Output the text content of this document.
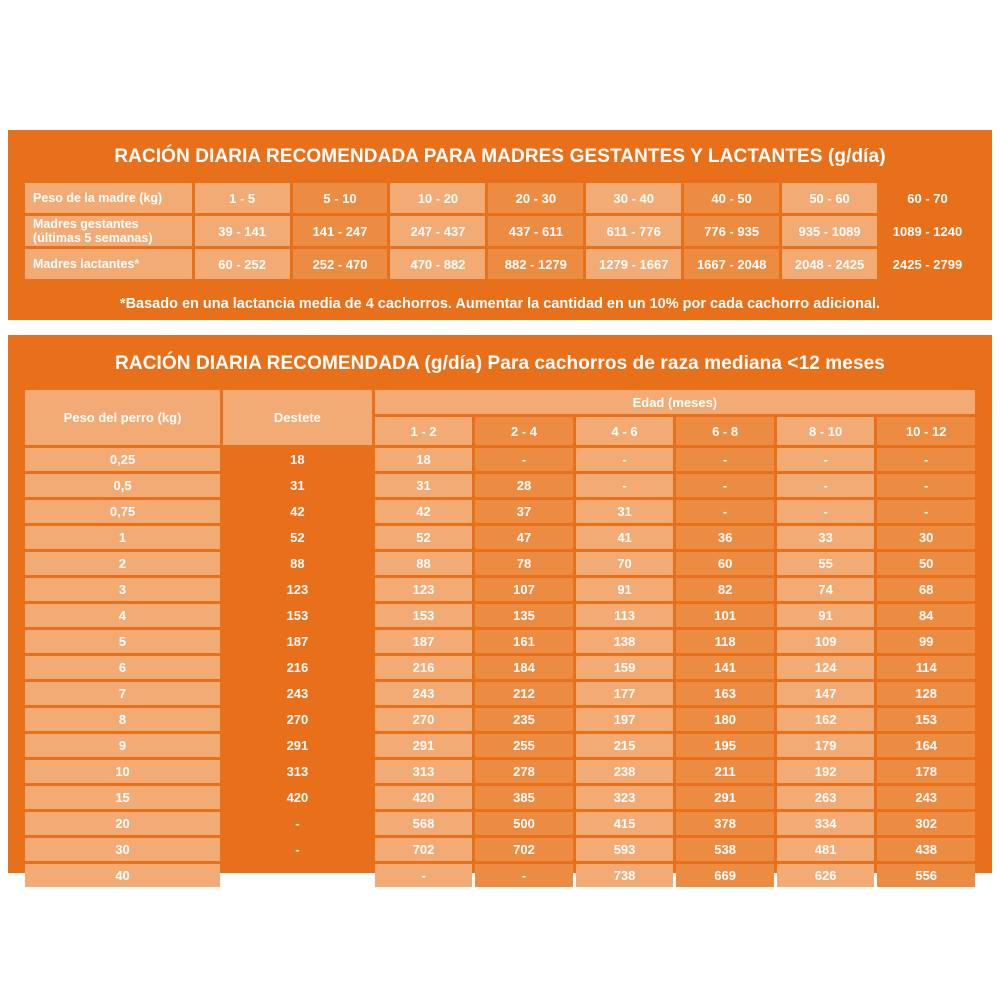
RACIÓN DIARIA RECOMENDADA PARA MADRES GESTANTES Y LACTANTES (g/día)
Peso de la madre (kg)	1 - 5	5 - 10	10 - 20	20 - 30	30 - 40	40 - 50	50 - 60	60 - 70
Madres gestantes
(últimas 5 semanas)	39 - 141	141 - 247	247 - 437	437 - 611	611 - 776	776 - 935	935 - 1089	1089 - 1240
Madres lactantes*	60 - 252	252 - 470	470 - 882	882 - 1279	1279 - 1667	1667 - 2048	2048 - 2425	2425 - 2799

*Basado en una lactancia media de 4 cachorros. Aumentar la cantidad en un 10% por cada cachorro adicional.

RACIÓN DIARIA RECOMENDADA (g/día) Para cachorros de raza mediana <12 meses
Peso del perro (kg)	Destete	Edad (meses)					
		1 - 2	2 - 4	4 - 6	6 - 8	8 - 10	10 - 12
0,25	18	18	-	-	-	-	-
0,5	31	31	28	-	-	-	-
0,75	42	42	37	31	-	-	-
1	52	52	47	41	36	33	30
2	88	88	78	70	60	55	50
3	123	123	107	91	82	74	68
4	153	153	135	113	101	91	84
5	187	187	161	138	118	109	99
6	216	216	184	159	141	124	114
7	243	243	212	177	163	147	128
8	270	270	235	197	180	162	153
9	291	291	255	215	195	179	164
10	313	313	278	238	211	192	178
15	420	420	385	323	291	263	243
20	-	568	500	415	378	334	302
30	-	702	702	593	538	481	438
40	-	-	-	738	669	626	556
